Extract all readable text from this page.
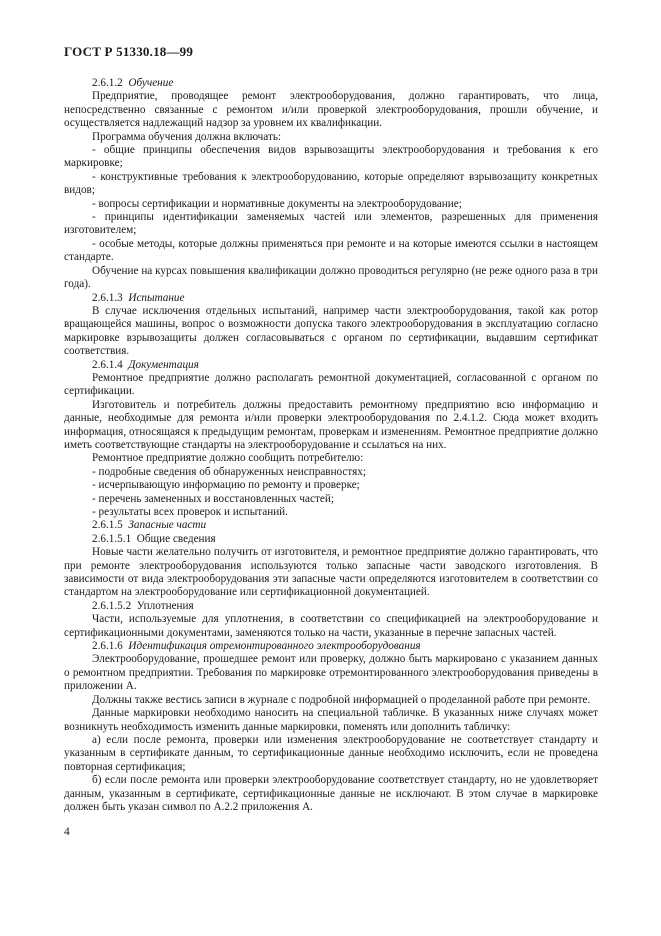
ГОСТ Р 51330.18—99

2.6.1.2 Обучение

Предприятие, проводящее ремонт электрооборудования, должно гарантировать, что лица, непосредственно связанные с ремонтом и/или проверкой электрооборудования, прошли обучение, и осуществляется надлежащий надзор за уровнем их квалификации.

Программа обучения должна включать:

- общие принципы обеспечения видов взрывозащиты электрооборудования и требования к его маркировке;

- конструктивные требования к электрооборудованию, которые определяют взрывозащиту конкретных видов;

- вопросы сертификации и нормативные документы на электрооборудование;

- принципы идентификации заменяемых частей или элементов, разрешенных для применения изготовителем;

- особые методы, которые должны применяться при ремонте и на которые имеются ссылки в настоящем стандарте.

Обучение на курсах повышения квалификации должно проводиться регулярно (не реже одного раза в три года).

2.6.1.3 Испытание

В случае исключения отдельных испытаний, например части электрооборудования, такой как ротор вращающейся машины, вопрос о возможности допуска такого электрооборудования в эксплуатацию согласно маркировке взрывозащиты должен согласовываться с органом по сертификации, выдавшим сертификат соответствия.

2.6.1.4 Документация

Ремонтное предприятие должно располагать ремонтной документацией, согласованной с органом по сертификации.

Изготовитель и потребитель должны предоставить ремонтному предприятию всю информацию и данные, необходимые для ремонта и/или проверки электрооборудования по 2.4.1.2. Сюда может входить информация, относящаяся к предыдущим ремонтам, проверкам и изменениям. Ремонтное предприятие должно иметь соответствующие стандарты на электрооборудование и ссылаться на них.

Ремонтное предприятие должно сообщить потребителю:

- подробные сведения об обнаруженных неисправностях;

- исчерпывающую информацию по ремонту и проверке;

- перечень замененных и восстановленных частей;

- результаты всех проверок и испытаний.

2.6.1.5 Запасные части

2.6.1.5.1 Общие сведения

Новые части желательно получить от изготовителя, и ремонтное предприятие должно гарантировать, что при ремонте электрооборудования используются только запасные части заводского изготовления. В зависимости от вида электрооборудования эти запасные части определяются изготовителем в соответствии со стандартом на электрооборудование или сертификационной документацией.

2.6.1.5.2 Уплотнения

Части, используемые для уплотнения, в соответствии со спецификацией на электрооборудование и сертификационными документами, заменяются только на части, указанные в перечне запасных частей.

2.6.1.6 Идентификация отремонтированного электрооборудования

Электрооборудование, прошедшее ремонт или проверку, должно быть маркировано с указанием данных о ремонтном предприятии. Требования по маркировке отремонтированного электрооборудования приведены в приложении А.

Должны также вестись записи в журнале с подробной информацией о проделанной работе при ремонте.

Данные маркировки необходимо наносить на специальной табличке. В указанных ниже случаях может возникнуть необходимость изменить данные маркировки, поменять или дополнить табличку:

а) если после ремонта, проверки или изменения электрооборудование не соответствует стандарту и указанным в сертификате данным, то сертификационные данные необходимо исключить, если не проведена повторная сертификация;

б) если после ремонта или проверки электрооборудование соответствует стандарту, но не удовлетворяет данным, указанным в сертификате, сертификационные данные не исключают. В этом случае в маркировке должен быть указан символ по А.2.2 приложения А.

4
